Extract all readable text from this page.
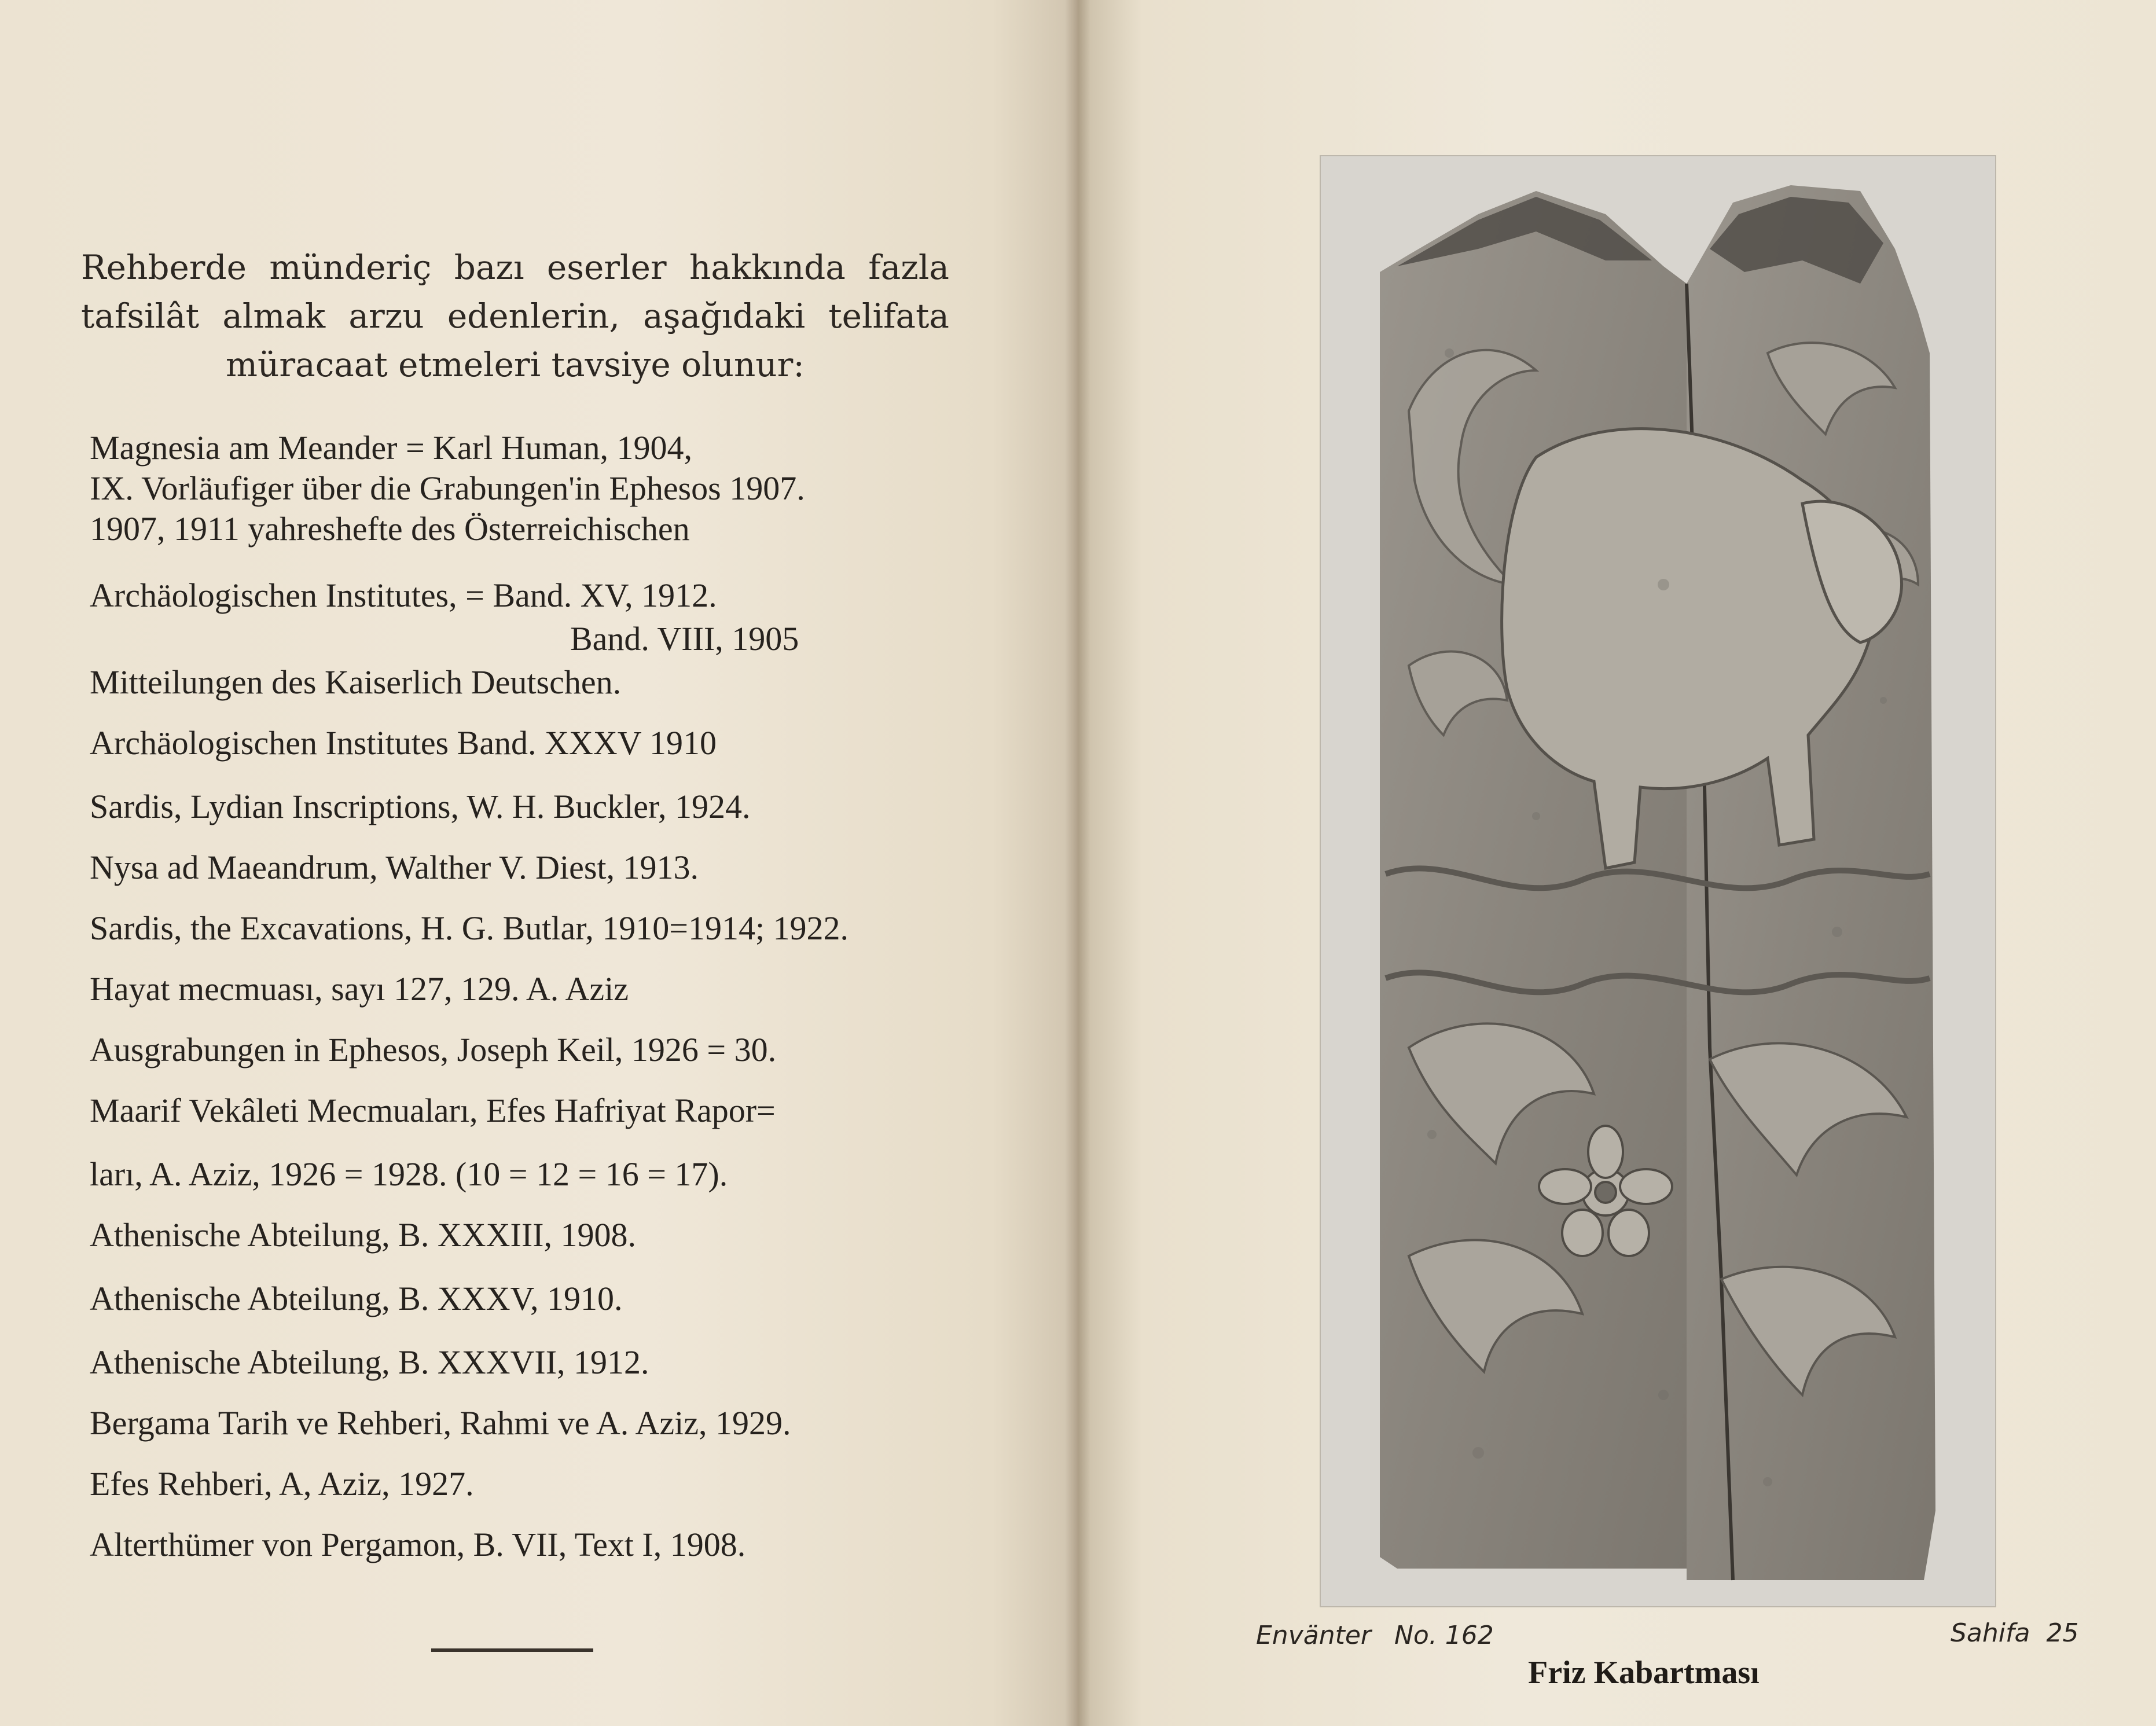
Rehberde münderiç bazı eserler hakkında fazla
tafsilât almak arzu edenlerin, aşağıdaki telifata
müracaat etmeleri tavsiye olunur:
Magnesia am Meander = Karl Human, 1904,
IX. Vorläufiger über die Grabungen'in Ephesos 1907.
1907, 1911 yahreshefte des Österreichischen
Archäologischen Institutes, = Band. XV, 1912.
Band. VIII, 1905
Mitteilungen des Kaiserlich Deutschen.
Archäologischen Institutes Band. XXXV 1910
Sardis, Lydian Inscriptions, W. H. Buckler, 1924.
Nysa ad Maeandrum, Walther V. Diest, 1913.
Sardis, the Excavations, H. G. Butlar, 1910=1914; 1922.
Hayat mecmuası, sayı 127, 129. A. Aziz
Ausgrabungen in Ephesos, Joseph Keil, 1926 = 30.
Maarif Vekâleti Mecmuaları, Efes Hafriyat Rapor=
ları, A. Aziz, 1926 = 1928. (10 = 12 = 16 = 17).
Athenische Abteilung, B. XXXIII, 1908.
Athenische Abteilung, B. XXXV, 1910.
Athenische Abteilung, B. XXXVII, 1912.
Bergama Tarih ve Rehberi, Rahmi ve A. Aziz, 1929.
Efes Rehberi, A, Aziz, 1927.
Alterthümer von Pergamon, B. VII, Text I, 1908.
Envänter No. 162	Sahifa 25
Friz Kabartması
